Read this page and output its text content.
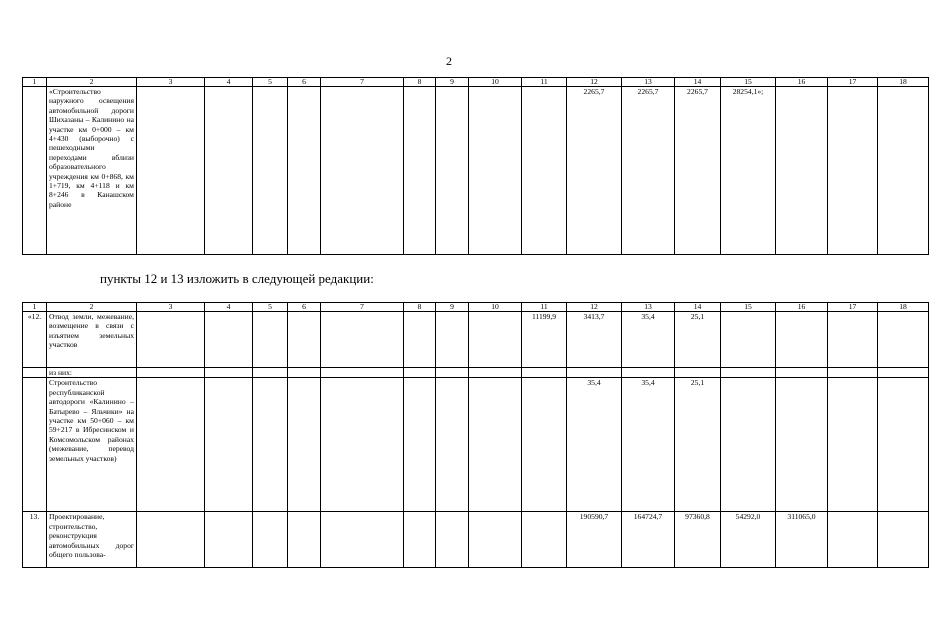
2
1	2	3	4	5	6	7	8	9	10	11	12	13	14	15	16	17	18
	«Строительство наружного освещения автомобильной дороги Шихазаны – Калинино на участке км 0+000 – км 4+430 (выборочно) с пешеходными переходами вблизи образовательного учреждения км 0+868, км 1+719, км 4+118 и км 8+246 в Канашском районе										2265,7	2265,7	2265,7	28254,1»;			
пункты 12 и 13 изложить в следующей редакции:
1	2	3	4	5	6	7	8	9	10	11	12	13	14	15	16	17	18
«12.	Отвод земли, межевание, возмещение в связи с изъятием земельных участков									11199,9	3413,7	35,4	25,1				
	из них:																
	Строительство республиканской автодороги «Калинино – Батырево – Яльчики» на участке км 50+060 – км 59+217 в Ибресинском и Комсомольском районах (межевание, перевод земельных участков)										35,4	35,4	25,1				
13.	Проектирование, строительство, реконструкция автомобильных дорог общего пользова-										190590,7	164724,7	97360,8	54292,0	311065,0		
